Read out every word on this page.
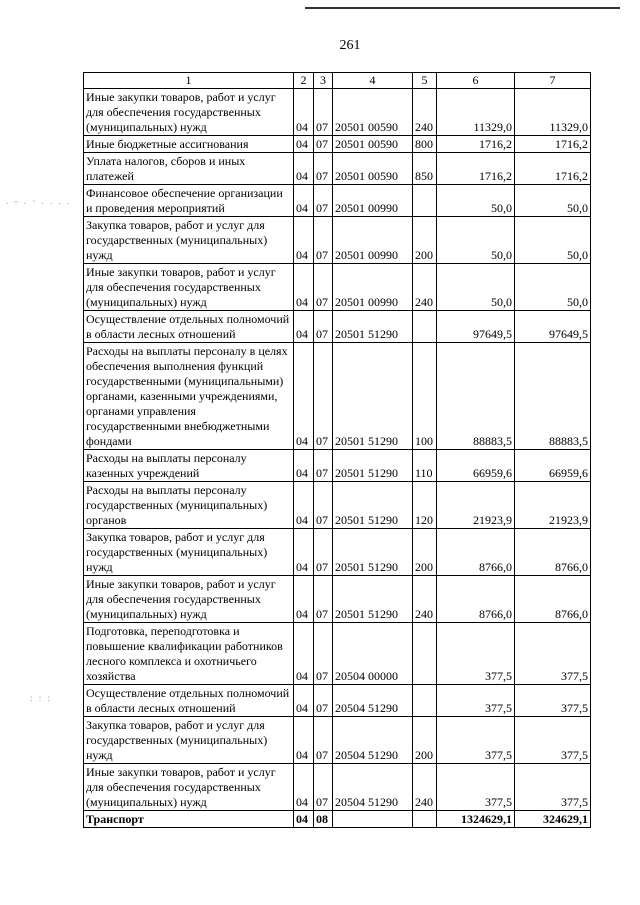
261
. - . · . . . .
: : :
1	2	3	4	5	6	7
Иные закупки товаров, работ и услуг для обеспечения государственных (муниципальных) нужд	04	07	20501 00590	240	11329,0	11329,0
Иные бюджетные ассигнования	04	07	20501 00590	800	1716,2	1716,2
Уплата налогов, сборов и иных платежей	04	07	20501 00590	850	1716,2	1716,2
Финансовое обеспечение организации и проведения мероприятий	04	07	20501 00990		50,0	50,0
Закупка товаров, работ и услуг для государственных (муниципальных) нужд	04	07	20501 00990	200	50,0	50,0
Иные закупки товаров, работ и услуг для обеспечения государственных (муниципальных) нужд	04	07	20501 00990	240	50,0	50,0
Осуществление отдельных полномочий в области лесных отношений	04	07	20501 51290		97649,5	97649,5
Расходы на выплаты персоналу в целях обеспечения выполнения функций государственными (муниципальными) органами, казенными учреждениями, органами управления государственными внебюджетными фондами	04	07	20501 51290	100	88883,5	88883,5
Расходы на выплаты персоналу казенных учреждений	04	07	20501 51290	110	66959,6	66959,6
Расходы на выплаты персоналу государственных (муниципальных) органов	04	07	20501 51290	120	21923,9	21923,9
Закупка товаров, работ и услуг для государственных (муниципальных) нужд	04	07	20501 51290	200	8766,0	8766,0
Иные закупки товаров, работ и услуг для обеспечения государственных (муниципальных) нужд	04	07	20501 51290	240	8766,0	8766,0
Подготовка, переподготовка и повышение квалификации работников лесного комплекса и охотничьего хозяйства	04	07	20504 00000		377,5	377,5
Осуществление отдельных полномочий в области лесных отношений	04	07	20504 51290		377,5	377,5
Закупка товаров, работ и услуг для государственных (муниципальных) нужд	04	07	20504 51290	200	377,5	377,5
Иные закупки товаров, работ и услуг для обеспечения государственных (муниципальных) нужд	04	07	20504 51290	240	377,5	377,5
Транспорт	04	08			1324629,1	324629,1
